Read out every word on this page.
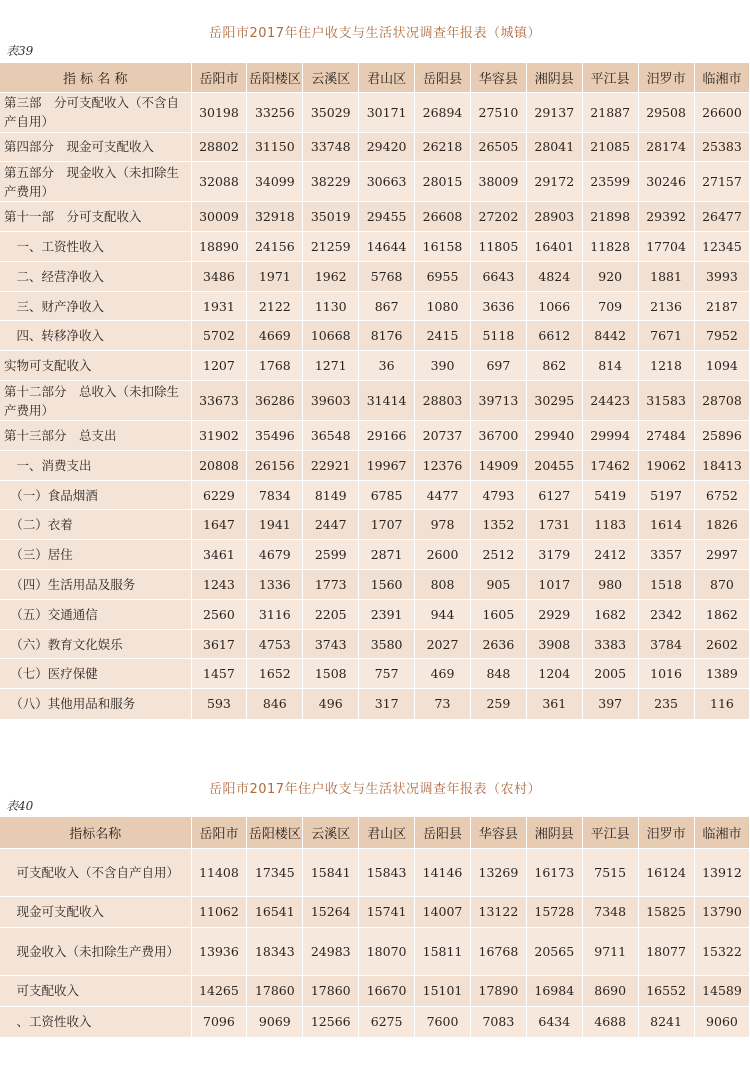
岳阳市2017年住户收支与生活状况调查年报表（城镇）
表39
指 标 名 称	岳阳市	岳阳楼区	云溪区	君山区	岳阳县	华容县	湘阴县	平江县	汨罗市	临湘市
第三部　分可支配收入（不含自产自用）	30198	33256	35029	30171	26894	27510	29137	21887	29508	26600
第四部分　现金可支配收入	28802	31150	33748	29420	26218	26505	28041	21085	28174	25383
第五部分　现金收入（未扣除生产费用）	32088	34099	38229	30663	28015	38009	29172	23599	30246	27157
第十一部　分可支配收入	30009	32918	35019	29455	26608	27202	28903	21898	29392	26477
　一、工资性收入	18890	24156	21259	14644	16158	11805	16401	11828	17704	12345
　二、经营净收入	3486	1971	1962	5768	6955	6643	4824	920	1881	3993
　三、财产净收入	1931	2122	1130	867	1080	3636	1066	709	2136	2187
　四、转移净收入	5702	4669	10668	8176	2415	5118	6612	8442	7671	7952
实物可支配收入	1207	1768	1271	36	390	697	862	814	1218	1094
第十二部分　总收入（未扣除生产费用）	33673	36286	39603	31414	28803	39713	30295	24423	31583	28708
第十三部分　总支出	31902	35496	36548	29166	20737	36700	29940	29994	27484	25896
　一、消费支出	20808	26156	22921	19967	12376	14909	20455	17462	19062	18413
　（一）食品烟酒	6229	7834	8149	6785	4477	4793	6127	5419	5197	6752
　（二）衣着	1647	1941	2447	1707	978	1352	1731	1183	1614	1826
　（三）居住	3461	4679	2599	2871	2600	2512	3179	2412	3357	2997
　（四）生活用品及服务	1243	1336	1773	1560	808	905	1017	980	1518	870
　（五）交通通信	2560	3116	2205	2391	944	1605	2929	1682	2342	1862
　（六）教育文化娱乐	3617	4753	3743	3580	2027	2636	3908	3383	3784	2602
　（七）医疗保健	1457	1652	1508	757	469	848	1204	2005	1016	1389
　（八）其他用品和服务	593	846	496	317	73	259	361	397	235	116
岳阳市2017年住户收支与生活状况调查年报表（农村）
表40
指标名称	岳阳市	岳阳楼区	云溪区	君山区	岳阳县	华容县	湘阴县	平江县	汨罗市	临湘市
　可支配收入（不含自产自用）	11408	17345	15841	15843	14146	13269	16173	7515	16124	13912
　现金可支配收入	11062	16541	15264	15741	14007	13122	15728	7348	15825	13790
　现金收入（未扣除生产费用）	13936	18343	24983	18070	15811	16768	20565	9711	18077	15322
　可支配收入	14265	17860	17860	16670	15101	17890	16984	8690	16552	14589
　、工资性收入	7096	9069	12566	6275	7600	7083	6434	4688	8241	9060
